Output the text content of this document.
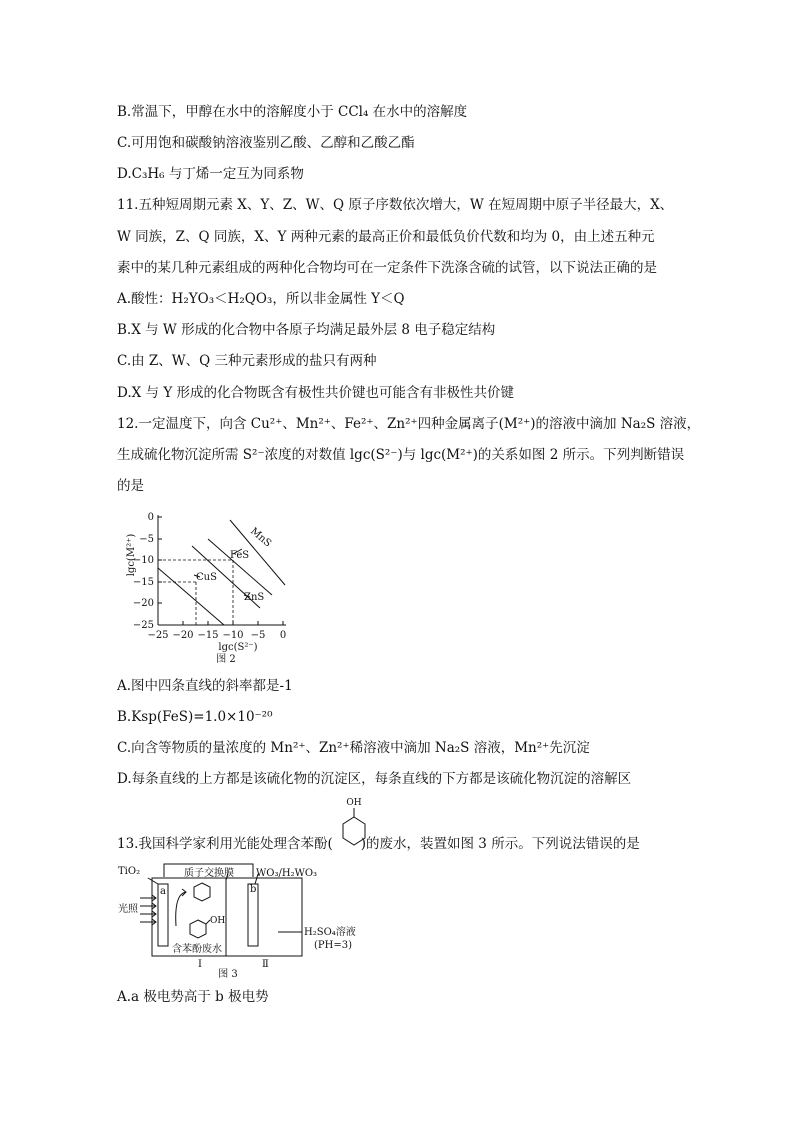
B.常温下，甲醇在水中的溶解度小于 CCl₄ 在水中的溶解度
C.可用饱和碳酸钠溶液鉴别乙酸、乙醇和乙酸乙酯
D.C₃H₆ 与丁烯一定互为同系物
11.五种短周期元素 X、Y、Z、W、Q 原子序数依次增大，W 在短周期中原子半径最大，X、
W 同族，Z、Q 同族，X、Y 两种元素的最高正价和最低负价代数和均为 0，由上述五种元
素中的某几种元素组成的两种化合物均可在一定条件下洗涤含硫的试管，以下说法正确的是
A.酸性：H₂YO₃＜H₂QO₃，所以非金属性 Y＜Q
B.X 与 W 形成的化合物中各原子均满足最外层 8 电子稳定结构
C.由 Z、W、Q 三种元素形成的盐只有两种
D.X 与 Y 形成的化合物既含有极性共价键也可能含有非极性共价键
12.一定温度下，向含 Cu²⁺、Mn²⁺、Fe²⁺、Zn²⁺四种金属离子(M²⁺)的溶液中滴加 Na₂S 溶液，
生成硫化物沉淀所需 S²⁻浓度的对数值 lgc(S²⁻)与 lgc(M²⁺)的关系如图 2 所示。下列判断错误
的是
0
−5
−10
−15
−20
−25
−25 −20 −15 −10 −5 0
lgc(M²⁺)
lgc(S²⁻)
MnS
FeS
CuS
ZnS
图 2
A.图中四条直线的斜率都是-1
B.Ksp(FeS)=1.0×10⁻²⁰
C.向含等物质的量浓度的 Mn²⁺、Zn²⁺稀溶液中滴加 Na₂S 溶液，Mn²⁺先沉淀
D.每条直线的上方都是该硫化物的沉淀区，每条直线的下方都是该硫化物沉淀的溶解区
13.我国科学家利用光能处理含苯酚( )的废水，装置如图 3 所示。下列说法错误的是
OH
TiO₂
光照
a	b
质子交换膜 WO₃/H₂WO₃
OH
含苯酚废水
H₂SO₄溶液
(PH=3)
Ⅰ	Ⅱ
图 3
A.a 极电势高于 b 极电势
